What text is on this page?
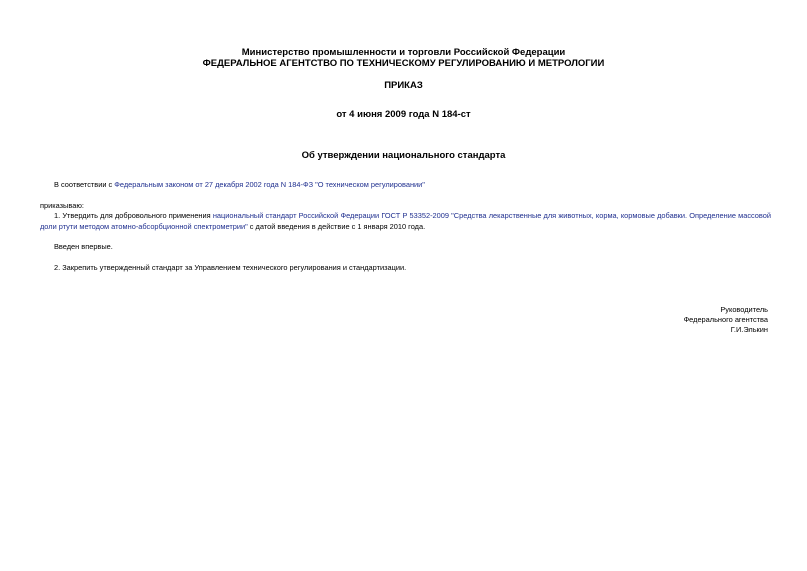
Министерство промышленности и торговли Российской Федерации
ФЕДЕРАЛЬНОЕ АГЕНТСТВО ПО ТЕХНИЧЕСКОМУ РЕГУЛИРОВАНИЮ И МЕТРОЛОГИИ
ПРИКАЗ
от 4 июня 2009 года N 184-ст
Об утверждении национального стандарта
В соответствии с Федеральным законом от 27 декабря 2002 года N 184-ФЗ "О техническом регулировании"
приказываю:
1. Утвердить для добровольного применения национальный стандарт Российской Федерации ГОСТ Р 53352-2009 "Средства лекарственные для животных, корма, кормовые добавки. Определение массовой доли ртути методом атомно-абсорбционной спектрометрии" с датой введения в действие с 1 января 2010 года.
Введен впервые.
2. Закрепить утвержденный стандарт за Управлением технического регулирования и стандартизации.
Руководитель
Федерального агентства
Г.И.Элькин
